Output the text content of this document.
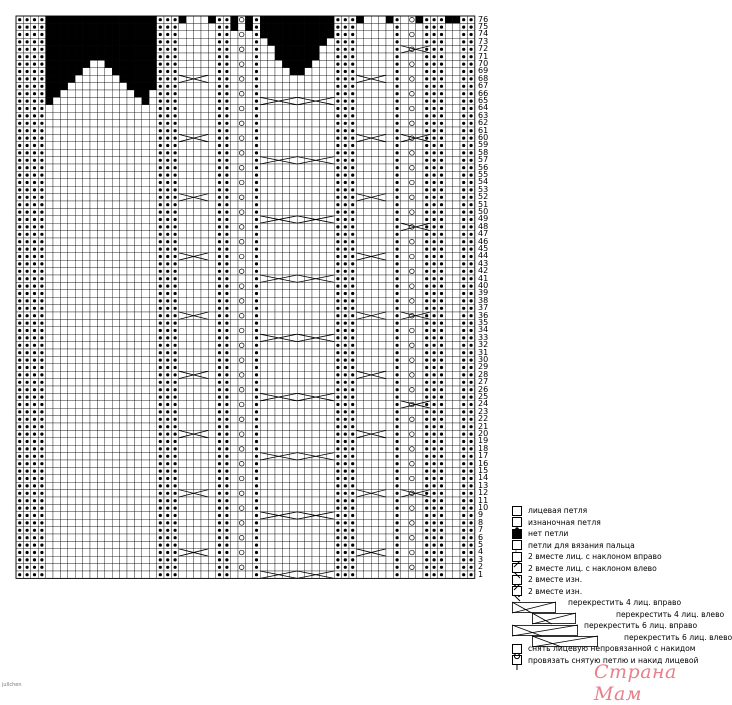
1
2
3
4
5
6
7
8
9
10
11
12
13
14
15
16
17
18
19
20
21
22
23
24
25
26
27
28
29
30
31
32
33
34
35
36
37
38
39
40
41
42
43
44
45
46
47
48
49
50
51
52
53
54
55
56
57
58
59
60
61
62
63
64
65
66
67
68
69
70
71
72
73
74
75
76
лицевая петля
изнаночная петля
нет петли
'
петли для вязания пальца
2 вместе лиц. с наклоном вправо
2 вместе лиц. с наклоном влево
2 вместе изн.
2 вместе изн.
перекрестить 4 лиц. вправо
перекрестить 4 лиц. влево
перекрестить 6 лиц. вправо
перекрестить 6 лиц. влево
снять лицевую непровязанной с накидом
провязать снятую петлю и накид лицевой
Страна Мам
jullchen
